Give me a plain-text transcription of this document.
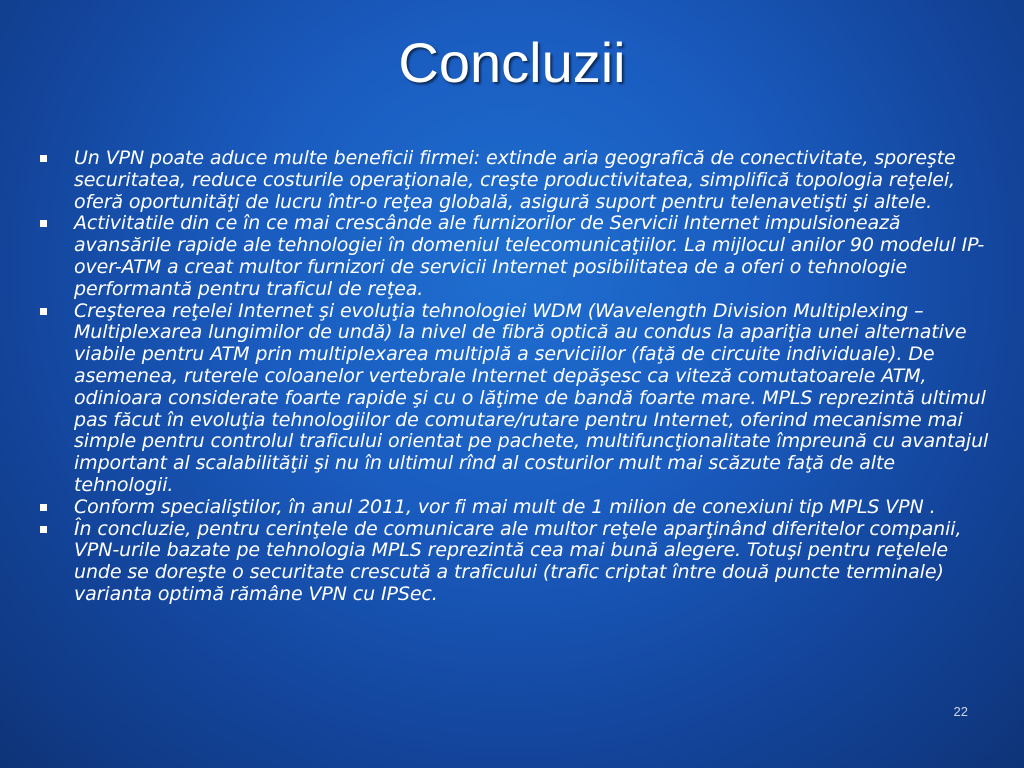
Concluzii
Un VPN poate aduce multe beneficii firmei: extinde aria geografică de conectivitate, sporeşte securitatea, reduce costurile operaţionale, creşte productivitatea, simplifică topologia reţelei, oferă oportunităţi de lucru într-o reţea globală, asigură suport pentru telenavetişti şi altele.
Activitatile din ce în ce mai crescânde ale furnizorilor de Servicii Internet impulsionează avansările rapide ale tehnologiei în domeniul telecomunicaţiilor. La mijlocul anilor 90 modelul IP-over-ATM a creat multor furnizori de servicii Internet posibilitatea de a oferi o tehnologie performantă pentru traficul de reţea.
Creşterea reţelei Internet şi evoluţia tehnologiei WDM (Wavelength Division Multiplexing – Multiplexarea lungimilor de undă) la nivel de fibră optică au condus la apariţia unei alternative viabile pentru ATM prin multiplexarea multiplă a serviciilor (faţă de circuite individuale). De asemenea, ruterele coloanelor vertebrale Internet depăşesc ca viteză comutatoarele ATM, odinioara considerate foarte rapide şi cu o lăţime de bandă foarte mare. MPLS reprezintă ultimul pas făcut în evoluţia tehnologiilor de comutare/rutare pentru Internet, oferind mecanisme mai simple pentru controlul traficului orientat pe pachete, multifuncţionalitate împreună cu avantajul important al scalabilităţii şi nu în ultimul rînd al costurilor mult mai scăzute faţă de alte tehnologii.
Conform specialiştilor, în anul 2011, vor fi mai mult de 1 milion de conexiuni tip MPLS VPN .
În concluzie, pentru cerinţele de comunicare ale multor reţele aparţinând diferitelor companii, VPN-urile bazate pe tehnologia MPLS reprezintă cea mai bună alegere. Totuşi pentru reţelele unde se doreşte o securitate crescută a traficului (trafic criptat între două puncte terminale) varianta optimă rămâne VPN cu IPSec.
22
